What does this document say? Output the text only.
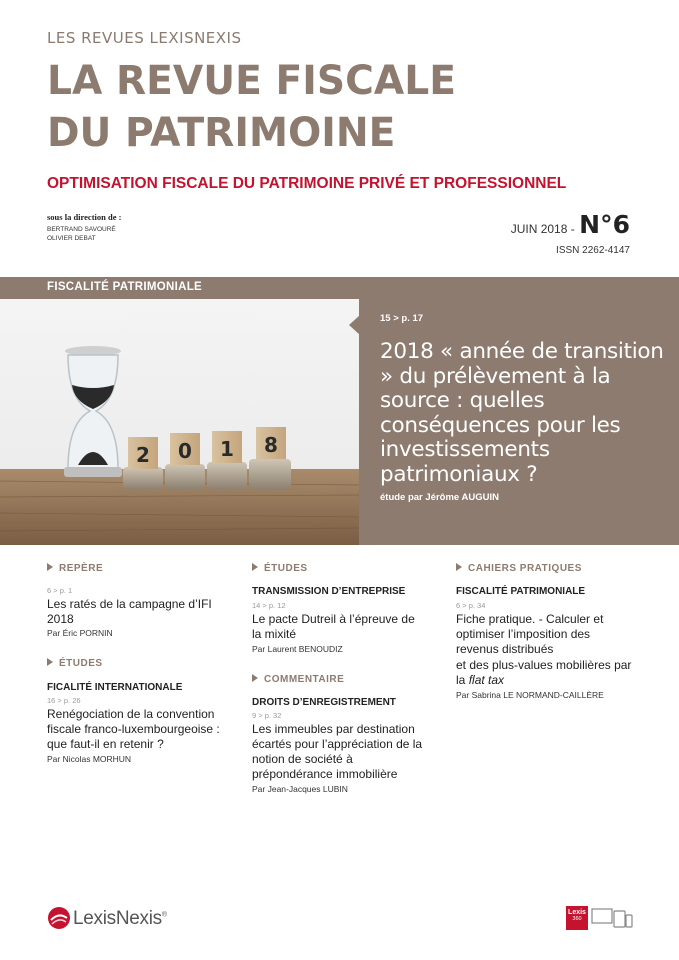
LES REVUES LEXISNEXIS
LA REVUE FISCALE
DU PATRIMOINE
OPTIMISATION FISCALE DU PATRIMOINE PRIVÉ ET PROFESSIONNEL
sous la direction de :
BERTRAND SAVOURÉ
OLIVIER DEBAT
JUIN 2018 - N°6
ISSN 2262-4147
FISCALITÉ PATRIMONIALE
2 0 1 8
15 > p. 17
2018 « année de transition » du prélèvement à la source : quelles conséquences pour les investissements patrimoniaux ?
étude par Jérôme AUGUIN
REPÈRE
6 > p. 1
Les ratés de la campagne d’IFI 2018
Par Éric PORNIN
ÉTUDES
FICALITÉ INTERNATIONALE
16 > p. 26
Renégociation de la convention fiscale franco-luxembourgeoise : que faut-il en retenir ?
Par Nicolas MORHUN
ÉTUDES
TRANSMISSION D’ENTREPRISE
14 > p. 12
Le pacte Dutreil à l’épreuve de la mixité
Par Laurent BENOUDIZ
COMMENTAIRE
DROITS D’ENREGISTREMENT
9 > p. 32
Les immeubles par destination écartés pour l’appréciation de la notion de société à prépondérance immobilière
Par Jean-Jacques LUBIN
CAHIERS PRATIQUES
FISCALITÉ PATRIMONIALE
6 > p. 34
Fiche pratique. - Calculer et optimiser l’imposition des revenus distribués
et des plus-values mobilières par la flat tax
Par Sabrina LE NORMAND-CAILLÈRE
LexisNexis®	Lexis
360
